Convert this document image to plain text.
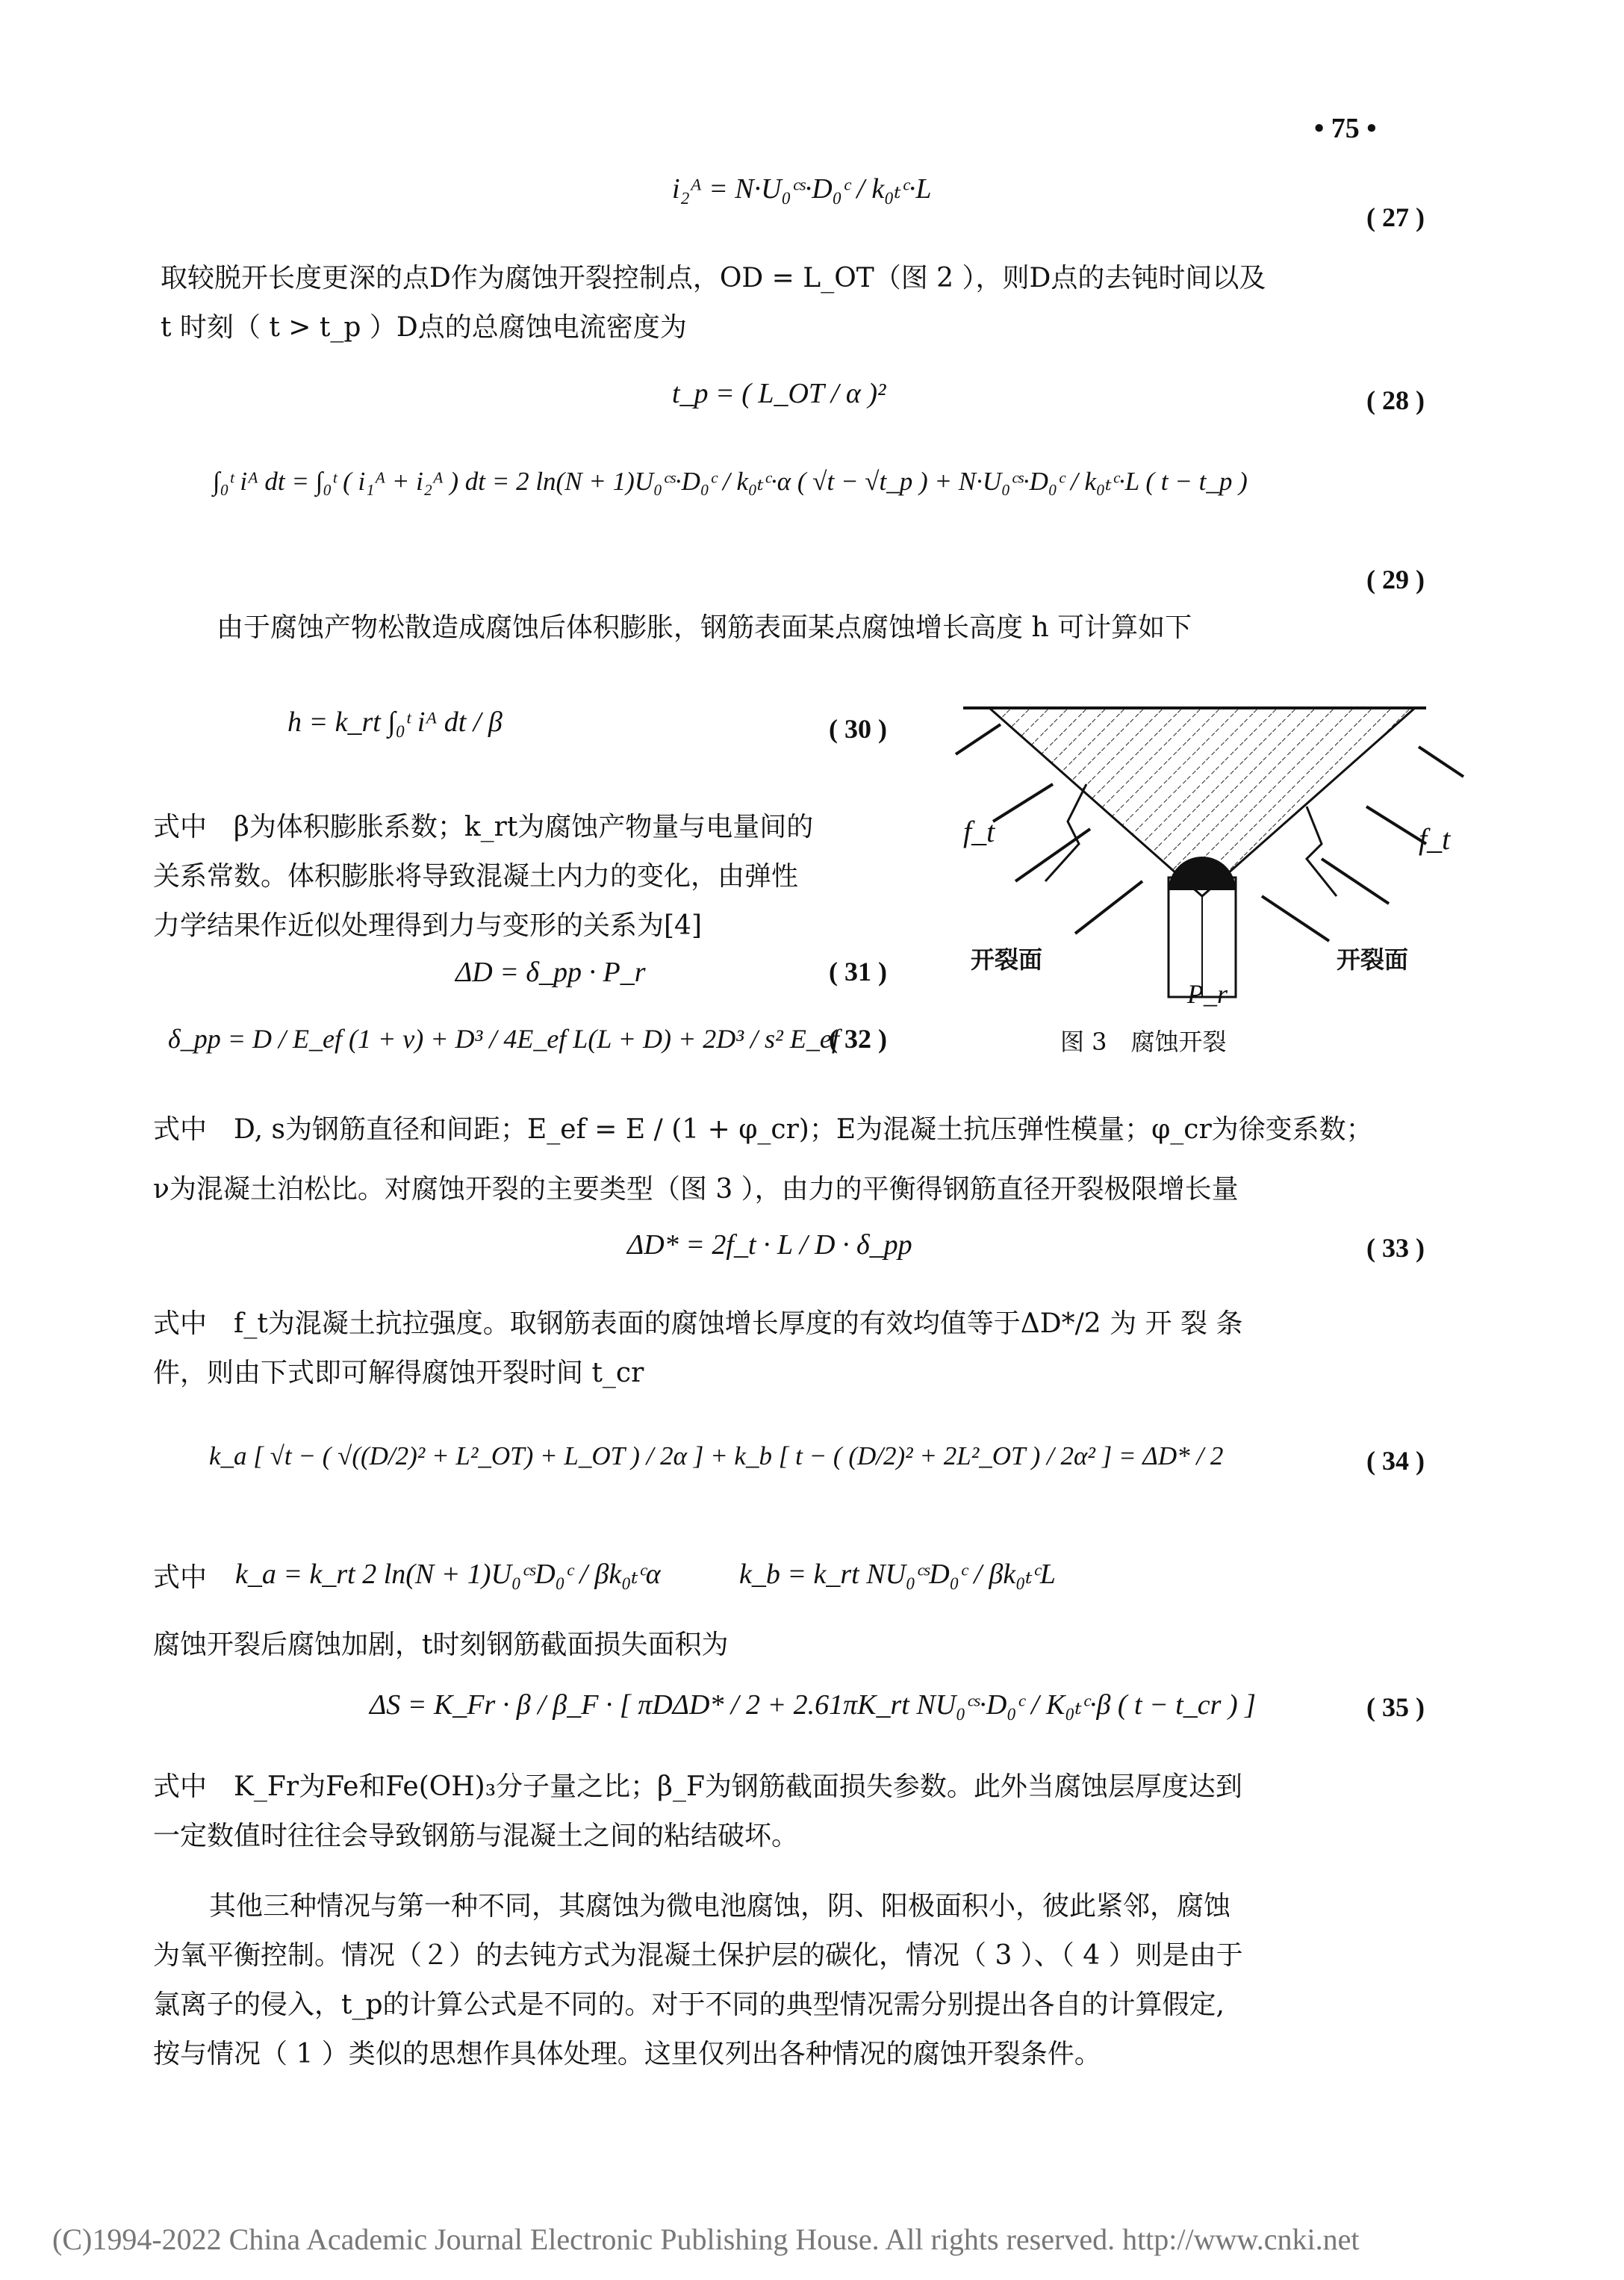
• 75 •
i₂ᴬ = N·U₀ᶜˢ·D₀ᶜ / k₀ₜᶜ·L
( 27 )
取较脱开长度更深的点D作为腐蚀开裂控制点，OD = L_OT（图 2 ），则D点的去钝时间以及
t 时刻（ t > t_p ）D点的总腐蚀电流密度为
t_p = ( L_OT / α )²	( 28 )
∫₀ᵗ iᴬ dt = ∫₀ᵗ ( i₁ᴬ + i₂ᴬ ) dt = 2 ln(N + 1)U₀ᶜˢ·D₀ᶜ / k₀ₜᶜ·α ( √t − √t_p ) + N·U₀ᶜˢ·D₀ᶜ / k₀ₜᶜ·L ( t − t_p )
( 29 )
由于腐蚀产物松散造成腐蚀后体积膨胀，钢筋表面某点腐蚀增长高度 h 可计算如下
h = k_rt ∫₀ᵗ iᴬ dt / β	( 30 )
式中　β为体积膨胀系数；k_rt为腐蚀产物量与电量间的
关系常数。体积膨胀将导致混凝土内力的变化，由弹性
力学结果作近似处理得到力与变形的关系为[4]
ΔD = δ_pp · P_r	( 31 )
δ_pp = D / E_ef (1 + ν) + D³ / 4E_ef L(L + D) + 2D³ / s² E_ef
( 32 )
f_t	f_t
开裂面	开裂面
P_r
图 3　腐蚀开裂
式中　D, s为钢筋直径和间距；E_ef = E / (1 + φ_cr)；E为混凝土抗压弹性模量；φ_cr为徐变系数；
ν为混凝土泊松比。对腐蚀开裂的主要类型（图 3 ），由力的平衡得钢筋直径开裂极限增长量
ΔD* = 2f_t · L / D · δ_pp	( 33 )
式中　f_t为混凝土抗拉强度。取钢筋表面的腐蚀增长厚度的有效均值等于ΔD*/2 为 开 裂 条
件，则由下式即可解得腐蚀开裂时间 t_cr
k_a [ √t − ( √((D/2)² + L²_OT) + L_OT ) / 2α ] + k_b [ t − ( (D/2)² + 2L²_OT ) / 2α² ] = ΔD* / 2	( 34 )
式中 k_a = k_rt 2 ln(N + 1)U₀ᶜˢD₀ᶜ / βk₀ₜᶜα	k_b = k_rt NU₀ᶜˢD₀ᶜ / βk₀ₜᶜL
腐蚀开裂后腐蚀加剧，t时刻钢筋截面损失面积为
ΔS = K_Fr · β / β_F · [ πDΔD* / 2 + 2.61πK_rt NU₀ᶜˢ·D₀ᶜ / K₀ₜᶜ·β ( t − t_cr ) ]	( 35 )
式中　K_Fr为Fe和Fe(OH)₃分子量之比；β_F为钢筋截面损失参数。此外当腐蚀层厚度达到
一定数值时往往会导致钢筋与混凝土之间的粘结破坏。
其他三种情况与第一种不同，其腐蚀为微电池腐蚀，阴、阳极面积小，彼此紧邻，腐蚀
为氧平衡控制。情况（２）的去钝方式为混凝土保护层的碳化，情况（ 3 ）、（ 4 ）则是由于
氯离子的侵入，t_p的计算公式是不同的。对于不同的典型情况需分别提出各自的计算假定,
按与情况（ 1 ）类似的思想作具体处理。这里仅列出各种情况的腐蚀开裂条件。
(C)1994-2022 China Academic Journal Electronic Publishing House. All rights reserved. http://www.cnki.net
